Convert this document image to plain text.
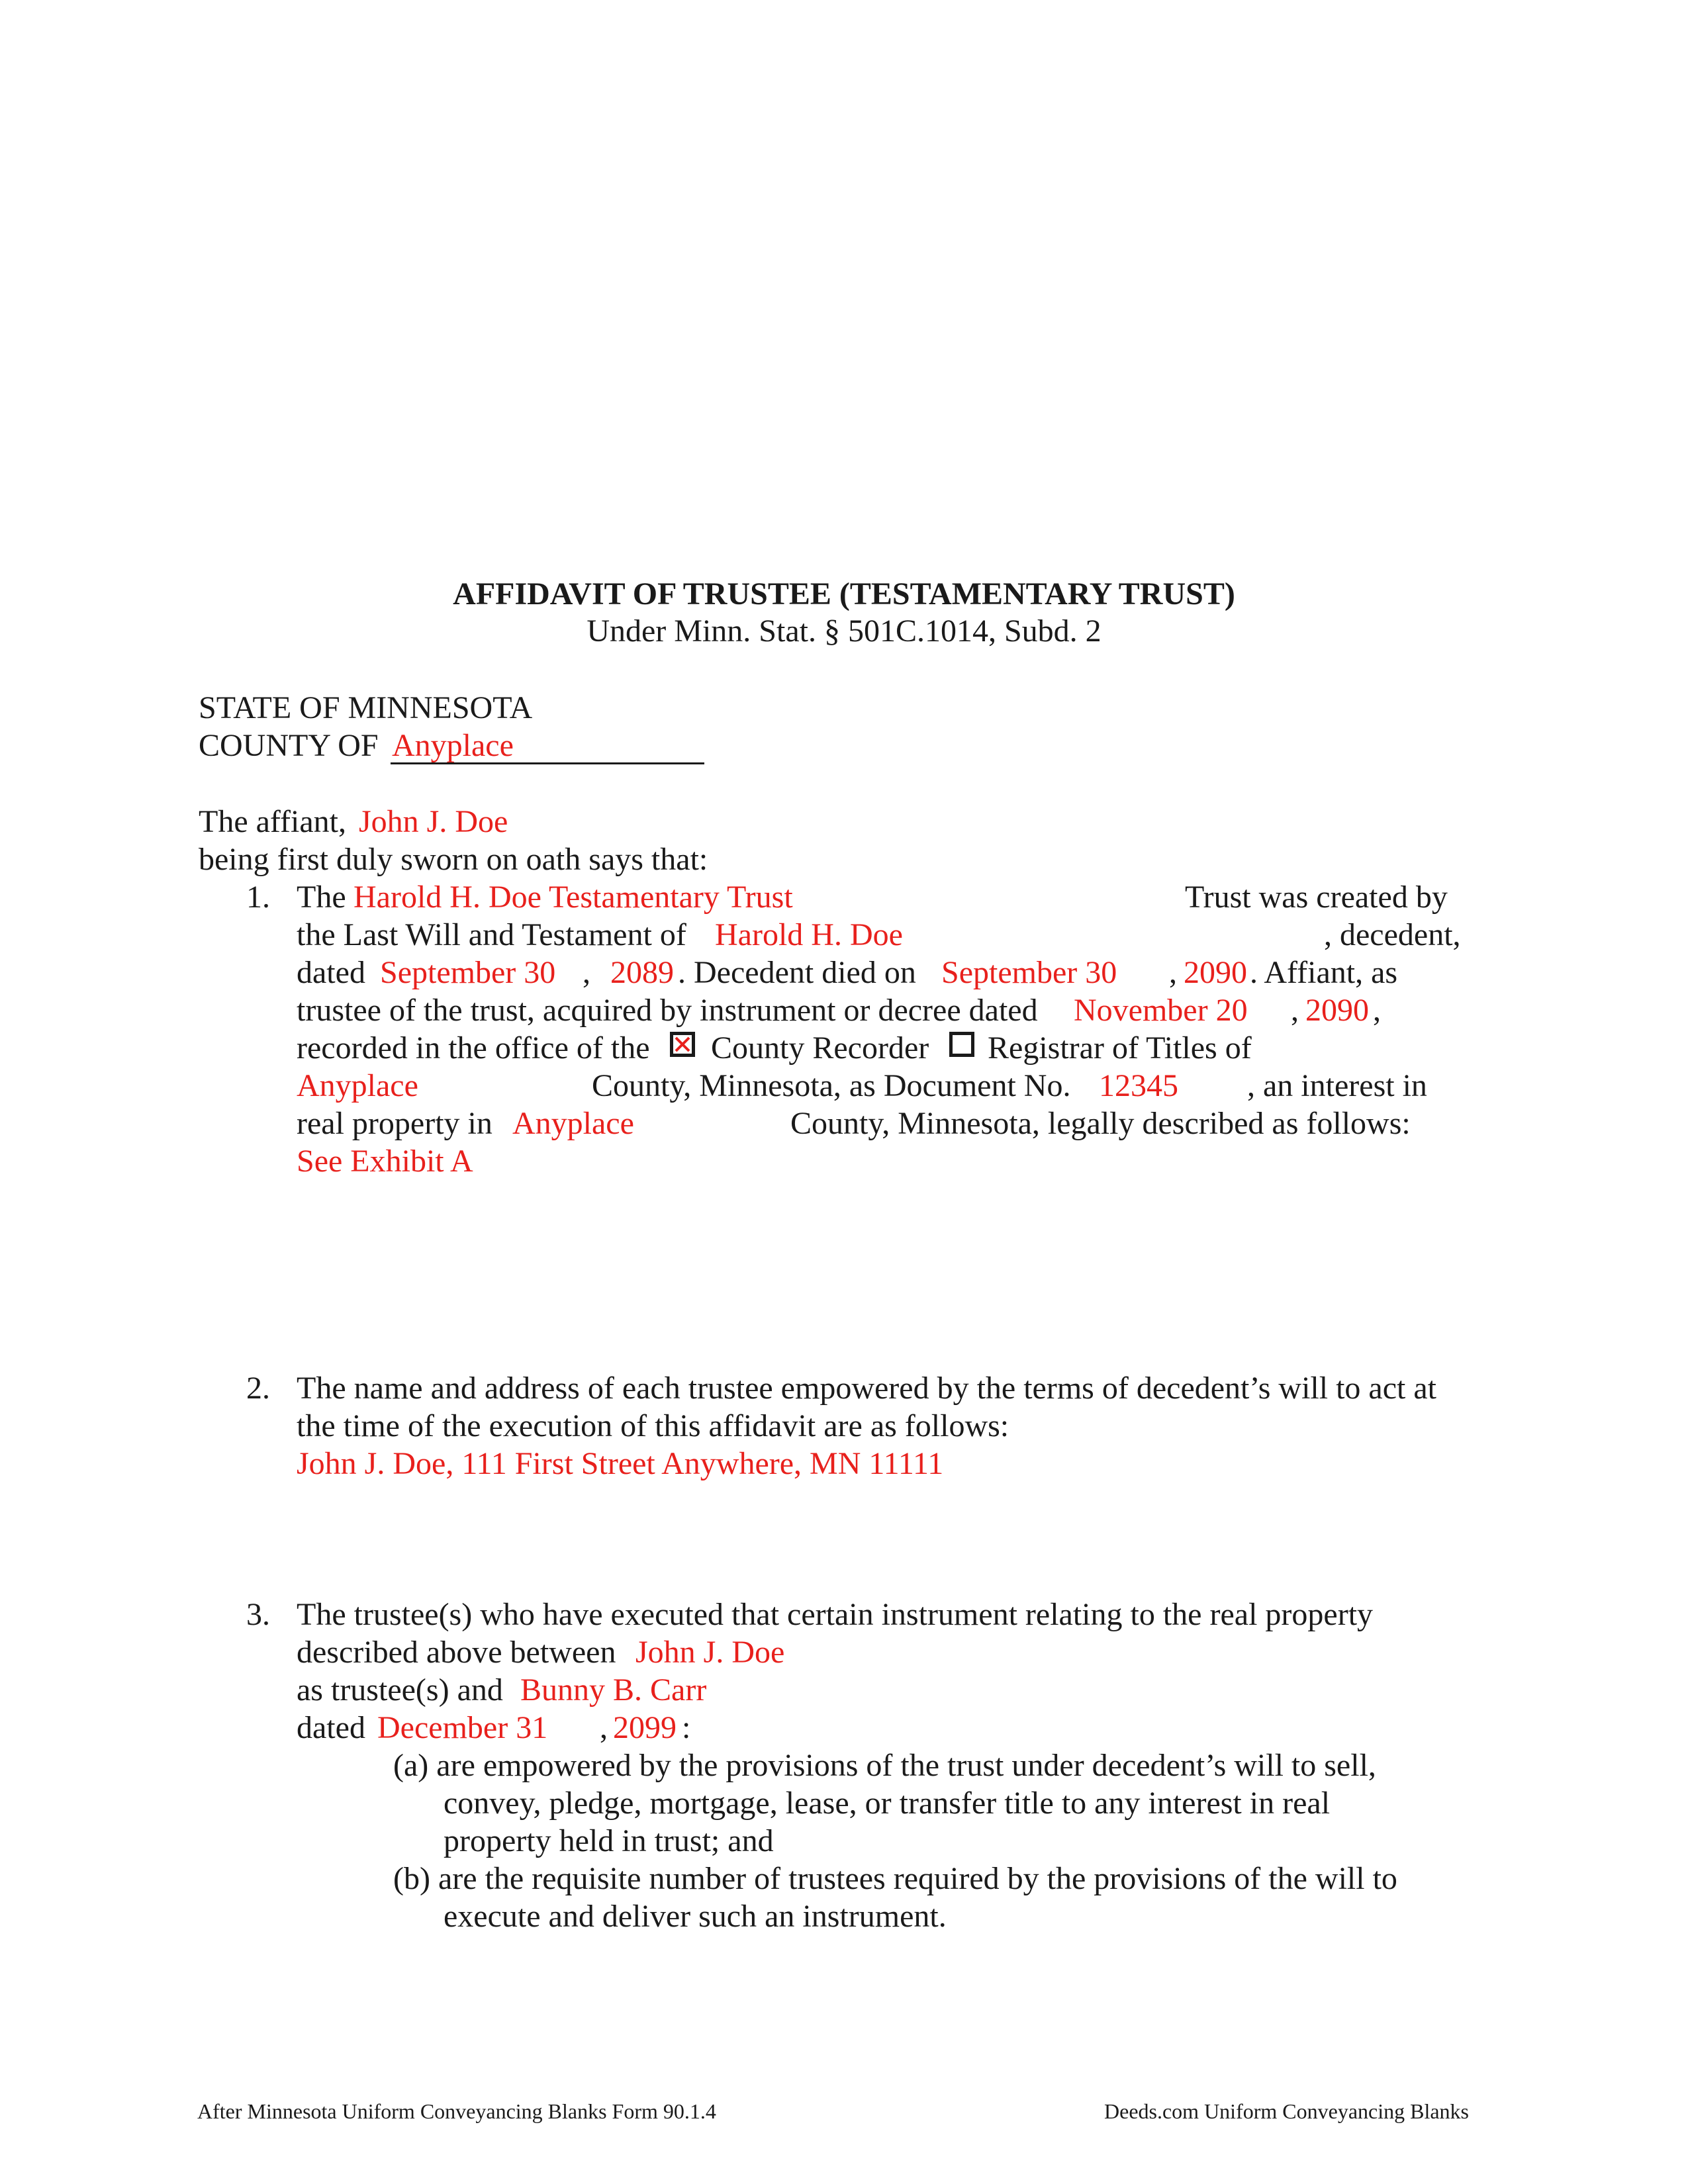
AFFIDAVIT OF TRUSTEE (TESTAMENTARY TRUST)
Under Minn. Stat. § 501C.1014, Subd. 2
STATE OF MINNESOTA
COUNTY OF Anyplace
The affiant, John J. Doe
being first duly sworn on oath says that:
1. The Harold H. Doe Testamentary Trust	Trust was created by
the Last Will and Testament of Harold H. Doe	, decedent,
dated September 30 , 2089 . Decedent died on September 30 , 2090 . Affiant, as
trustee of the trust, acquired by instrument or decree dated November 20 , 2090 ,
recorded in the office of the County Recorder Registrar of Titles of
Anyplace	County, Minnesota, as Document No. 12345 , an interest in
real property in Anyplace	County, Minnesota, legally described as follows:
See Exhibit A
2. The name and address of each trustee empowered by the terms of decedent’s will to act at
the time of the execution of this affidavit are as follows:
John J. Doe, 111 First Street Anywhere, MN 11111
3. The trustee(s) who have executed that certain instrument relating to the real property
described above between John J. Doe
as trustee(s) and Bunny B. Carr
dated December 31 , 2099 :
(a) are empowered by the provisions of the trust under decedent’s will to sell,
convey, pledge, mortgage, lease, or transfer title to any interest in real
property held in trust; and
(b) are the requisite number of trustees required by the provisions of the will to
execute and deliver such an instrument.
After Minnesota Uniform Conveyancing Blanks Form 90.1.4	Deeds.com Uniform Conveyancing Blanks
